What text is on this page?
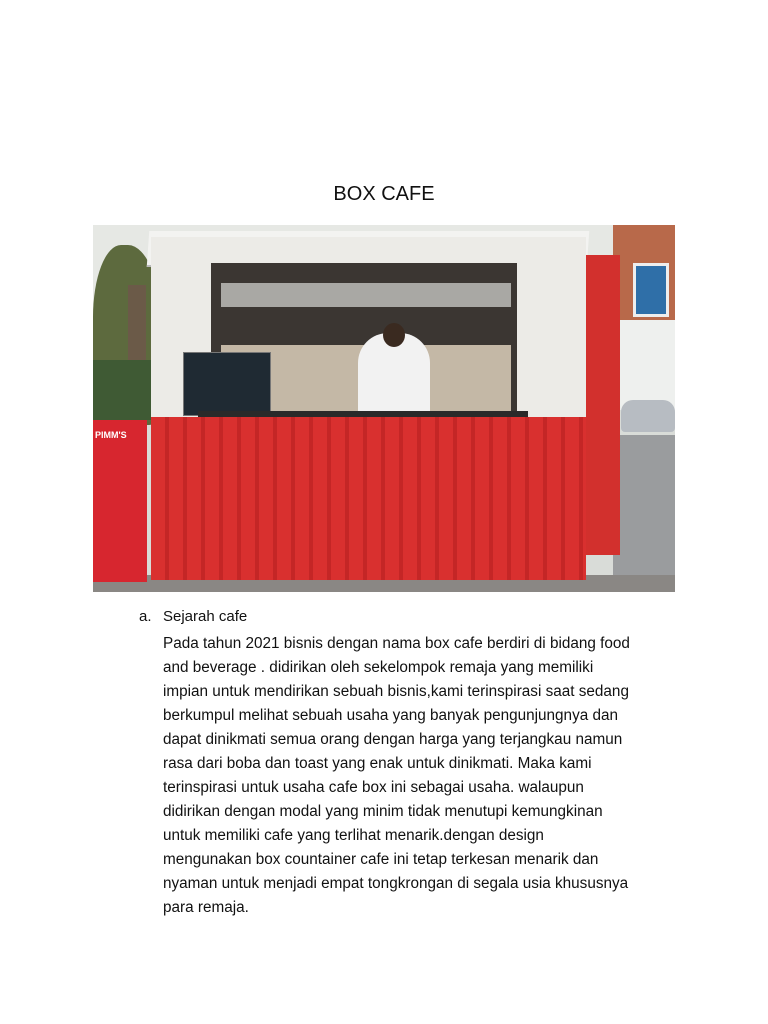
BOX CAFE
PIMM'S
a. Sejarah cafe
Pada tahun 2021 bisnis dengan nama box cafe berdiri di bidang food
and beverage . didirikan oleh sekelompok remaja yang memiliki
impian untuk mendirikan sebuah bisnis,kami terinspirasi saat sedang
berkumpul melihat sebuah usaha yang banyak pengunjungnya dan
dapat dinikmati semua orang dengan harga yang terjangkau namun
rasa dari boba dan toast yang enak untuk dinikmati. Maka kami
terinspirasi untuk usaha cafe box ini sebagai usaha. walaupun
didirikan dengan modal yang minim tidak menutupi kemungkinan
untuk memiliki cafe yang terlihat menarik.dengan design
mengunakan box countainer cafe ini tetap terkesan menarik dan
nyaman untuk menjadi empat tongkrongan di segala usia khususnya
para remaja.
